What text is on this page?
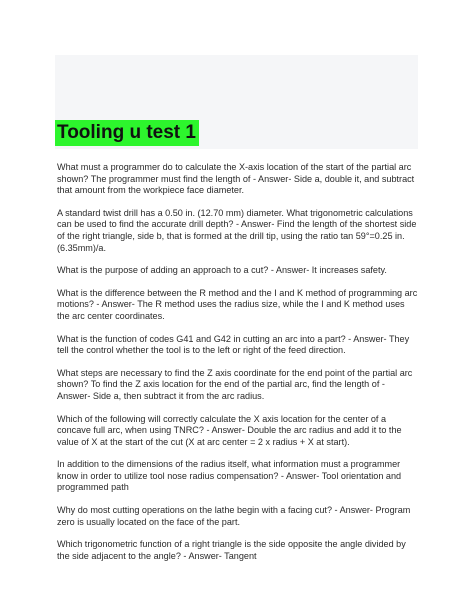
Tooling u test 1

What must a programmer do to calculate the X-axis location of the start of the partial arc shown? The programmer must find the length of - Answer- Side a, double it, and subtract that amount from the workpiece face diameter.

A standard twist drill has a 0.50 in. (12.70 mm) diameter. What trigonometric calculations can be used to find the accurate drill depth? - Answer- Find the length of the shortest side of the right triangle, side b, that is formed at the drill tip, using the ratio tan 59°=0.25 in. (6.35mm)/a.

What is the purpose of adding an approach to a cut? - Answer- It increases safety.

What is the difference between the R method and the I and K method of programming arc motions? - Answer- The R method uses the radius size, while the I and K method uses the arc center coordinates.

What is the function of codes G41 and G42 in cutting an arc into a part? - Answer- They tell the control whether the tool is to the left or right of the feed direction.

What steps are necessary to find the Z axis coordinate for the end point of the partial arc shown? To find the Z axis location for the end of the partial arc, find the length of - Answer- Side a, then subtract it from the arc radius.

Which of the following will correctly calculate the X axis location for the center of a concave full arc, when using TNRC? - Answer- Double the arc radius and add it to the value of X at the start of the cut (X at arc center = 2 x radius + X at start).

In addition to the dimensions of the radius itself, what information must a programmer know in order to utilize tool nose radius compensation? - Answer- Tool orientation and programmed path

Why do most cutting operations on the lathe begin with a facing cut? - Answer- Program zero is usually located on the face of the part.

Which trigonometric function of a right triangle is the side opposite the angle divided by the side adjacent to the angle? - Answer- Tangent
